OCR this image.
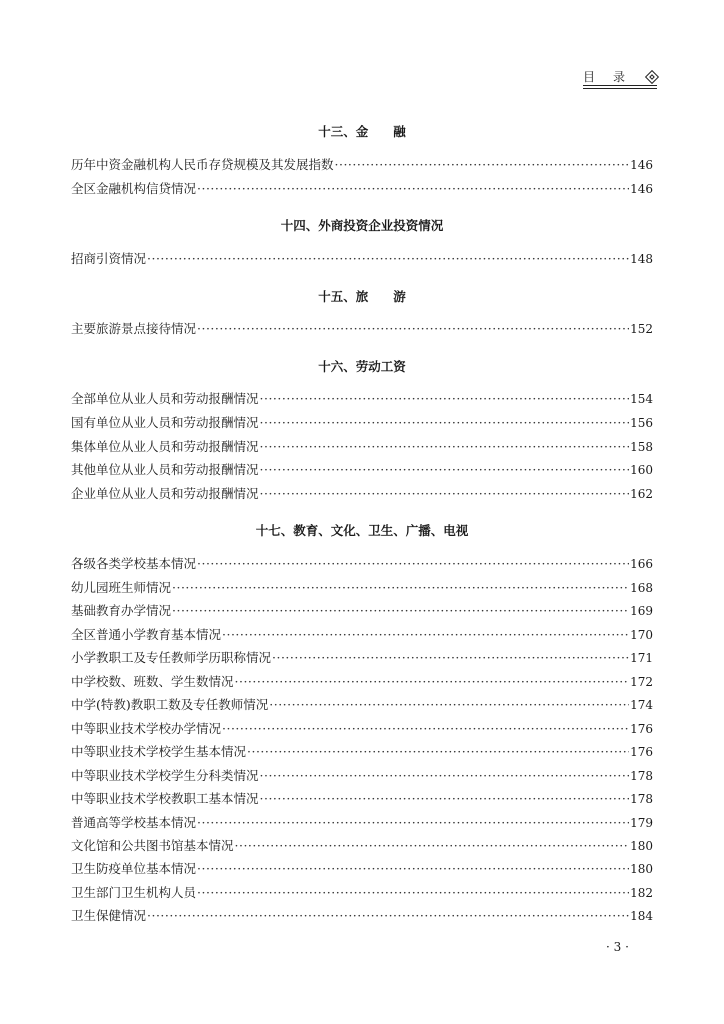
目 录
十三、金　　融
历年中资金融机构人民币存贷规模及其发展指数 ·····	146
全区金融机构信贷情况 ·····	146
十四、外商投资企业投资情况
招商引资情况 ·····	148
十五、旅　　游
主要旅游景点接待情况 ·····	152
十六、劳动工资
全部单位从业人员和劳动报酬情况 ·····	154
国有单位从业人员和劳动报酬情况 ·····	156
集体单位从业人员和劳动报酬情况 ·····	158
其他单位从业人员和劳动报酬情况 ·····	160
企业单位从业人员和劳动报酬情况 ·····	162
十七、教育、文化、卫生、广播、电视
各级各类学校基本情况 ·····	166
幼儿园班生师情况 ·····	168
基础教育办学情况 ·····	169
全区普通小学教育基本情况 ·····	170
小学教职工及专任教师学历职称情况 ·····	171
中学校数、班数、学生数情况 ·····	172
中学(特教)教职工数及专任教师情况 ·····	174
中等职业技术学校办学情况 ·····	176
中等职业技术学校学生基本情况 ·····	176
中等职业技术学校学生分科类情况 ·····	178
中等职业技术学校教职工基本情况 ·····	178
普通高等学校基本情况 ·····	179
文化馆和公共图书馆基本情况 ·····	180
卫生防疫单位基本情况 ·····	180
卫生部门卫生机构人员 ·····	182
卫生保健情况 ·····	184
· 3 ·
